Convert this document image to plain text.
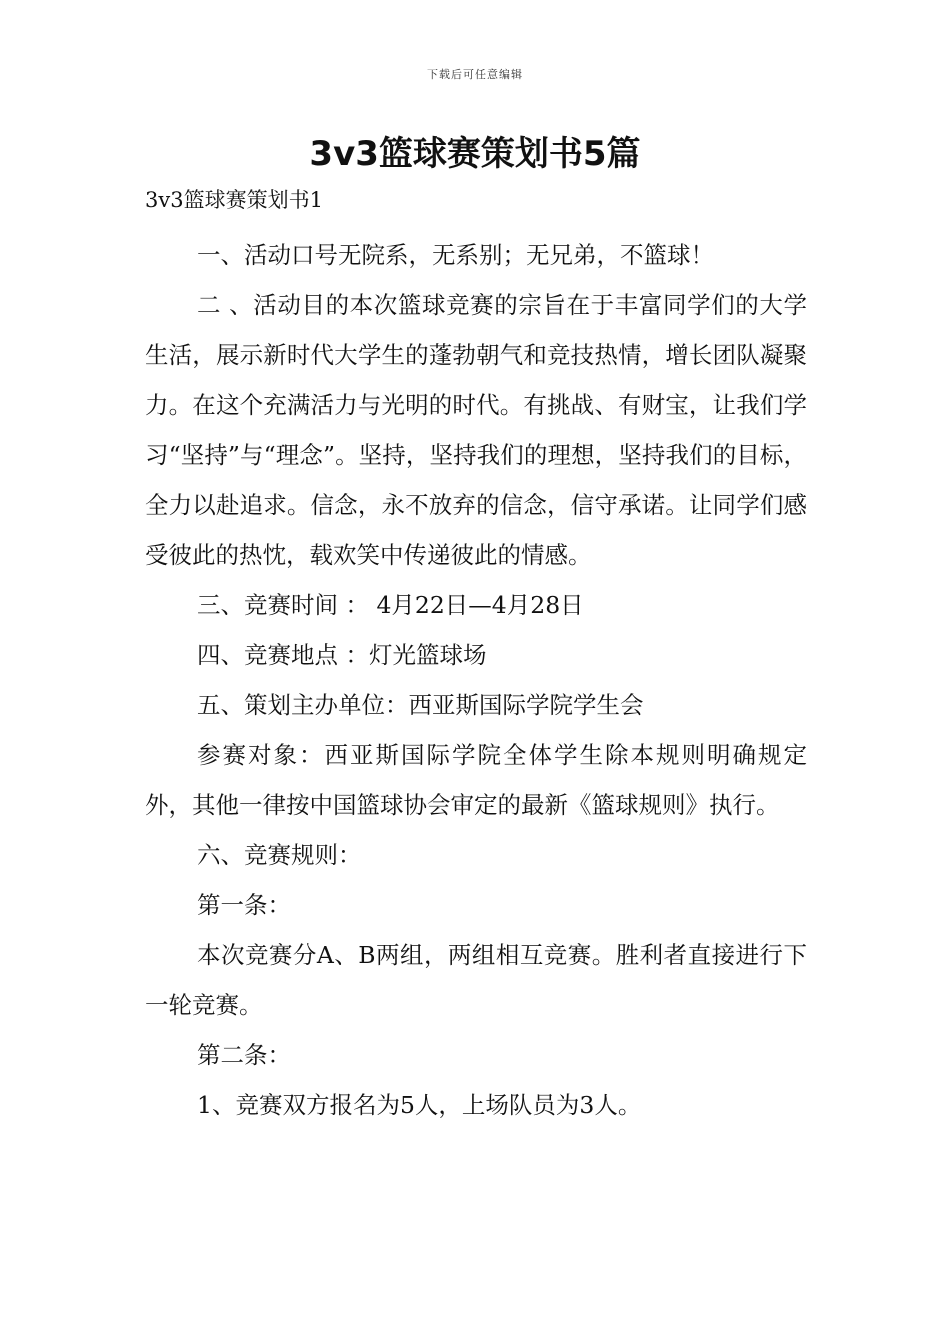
下载后可任意编辑
3v3篮球赛策划书5篇

3v3篮球赛策划书1

一、活动口号无院系，无系别；无兄弟，不篮球！

二 、活动目的本次篮球竞赛的宗旨在于丰富同学们的大学生活，展示新时代大学生的蓬勃朝气和竞技热情，增长团队凝聚力。在这个充满活力与光明的时代。有挑战、有财宝，让我们学习“坚持”与“理念”。坚持，坚持我们的理想，坚持我们的目标，全力以赴追求。信念，永不放弃的信念，信守承诺。让同学们感受彼此的热忱，载欢笑中传递彼此的情感。

三、竞赛时间 ： 4月22日—4月28日

四、竞赛地点 ：灯光篮球场

五、策划主办单位：西亚斯国际学院学生会

参赛对象：西亚斯国际学院全体学生除本规则明确规定外，其他一律按中国篮球协会审定的最新《篮球规则》执行。

六、竞赛规则：

第一条：

本次竞赛分A、B两组，两组相互竞赛。胜利者直接进行下一轮竞赛。

第二条：

1、竞赛双方报名为5人，上场队员为3人。
